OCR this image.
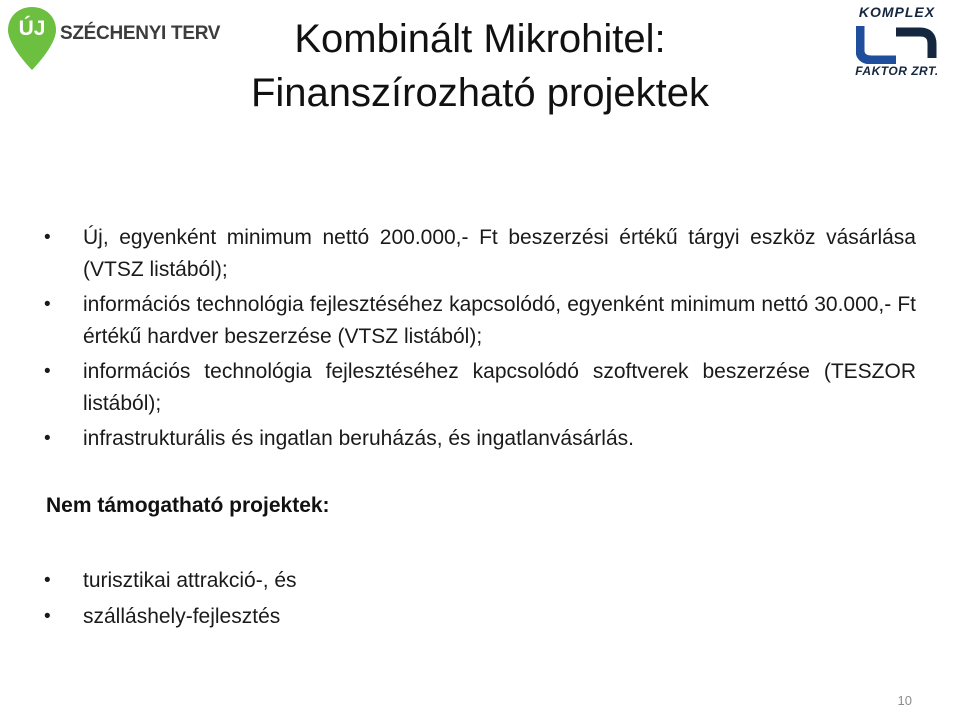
ÚJ SZÉCHENYI TERV	Kombinált Mikrohitel:
Finanszírozható projektek
KOMPLEX
FAKTOR ZRT.
• Új, egyenként minimum nettó 200.000,- Ft beszerzési értékű tárgyi eszköz vásárlása (VTSZ listából);
• információs technológia fejlesztéséhez kapcsolódó, egyenként minimum nettó 30.000,- Ft értékű hardver beszerzése (VTSZ listából);
• információs technológia fejlesztéséhez kapcsolódó szoftverek beszerzése (TESZOR listából);
• infrastrukturális és ingatlan beruházás, és ingatlanvásárlás.
Nem támogatható projektek:
• turisztikai attrakció-, és
• szálláshely-fejlesztés
10
